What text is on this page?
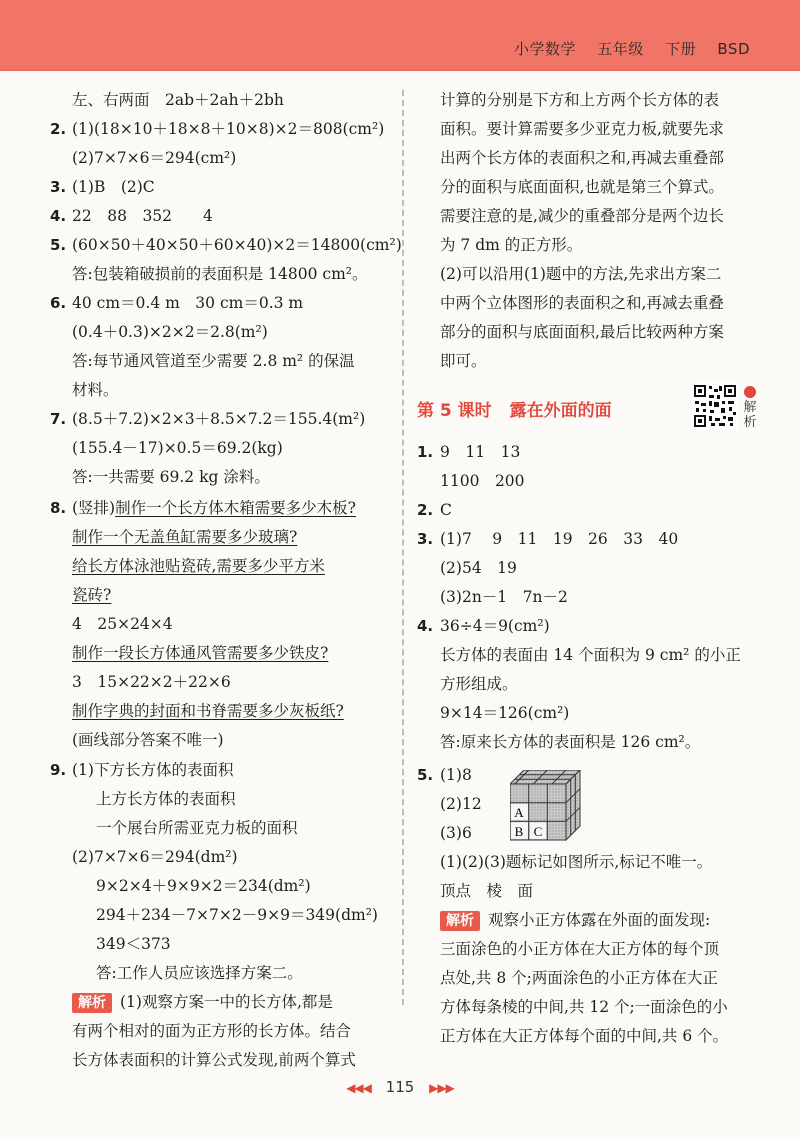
小学数学 五年级 下册 BSD
左、右两面　2ab＋2ah＋2bh
2. (1)(18×10＋18×8＋10×8)×2＝808(cm²)
(2)7×7×6＝294(cm²)
3. (1)B　(2)C
4. 22　88　352　　4
5. (60×50＋40×50＋60×40)×2＝14800(cm²)
答:包装箱破损前的表面积是 14800 cm²。
6. 40 cm＝0.4 m　30 cm＝0.3 m
(0.4＋0.3)×2×2＝2.8(m²)
答:每节通风管道至少需要 2.8 m² 的保温
材料。
7. (8.5＋7.2)×2×3＋8.5×7.2＝155.4(m²)
(155.4－17)×0.5＝69.2(kg)
答:一共需要 69.2 kg 涂料。
8. (竖排)制作一个长方体木箱需要多少木板?
制作一个无盖鱼缸需要多少玻璃?
给长方体泳池贴瓷砖,需要多少平方米
瓷砖?
4　25×24×4
制作一段长方体通风管需要多少铁皮?
3　15×22×2＋22×6
制作字典的封面和书脊需要多少灰板纸?
(画线部分答案不唯一)
9. (1)下方长方体的表面积
上方长方体的表面积
一个展台所需亚克力板的面积
(2)7×7×6＝294(dm²)
9×2×4＋9×9×2＝234(dm²)
294＋234－7×7×2－9×9＝349(dm²)
349＜373
答:工作人员应该选择方案二。
解析 (1)观察方案一中的长方体,都是
有两个相对的面为正方形的长方体。结合
长方体表面积的计算公式发现,前两个算式
计算的分别是下方和上方两个长方体的表
面积。要计算需要多少亚克力板,就要先求
出两个长方体的表面积之和,再减去重叠部
分的面积与底面面积,也就是第三个算式。
需要注意的是,减少的重叠部分是两个边长
为 7 dm 的正方形。
(2)可以沿用(1)题中的方法,先求出方案二
中两个立体图形的表面积之和,再减去重叠
部分的面积与底面面积,最后比较两种方案
即可。
第 5 课时 露在外面的面	解
析
1. 9　11　13
1100　200
2. C
3. (1)7　 9　11　19　26　33　40
(2)54　19
(3)2n－1　7n－2
4. 36÷4＝9(cm²)
长方体的表面由 14 个面积为 9 cm² 的小正
方形组成。
9×14＝126(cm²)
答:原来长方体的表面积是 126 cm²。
5. (1)8
(2)12
(3)6
A
B C
(1)(2)(3)题标记如图所示,标记不唯一。
顶点　棱　面
解析 观察小正方体露在外面的面发现:
三面涂色的小正方体在大正方体的每个顶
点处,共 8 个;两面涂色的小正方体在大正
方体每条棱的中间,共 12 个;一面涂色的小
正方体在大正方体每个面的中间,共 6 个。
◀◀◀ 115 ▶▶▶
